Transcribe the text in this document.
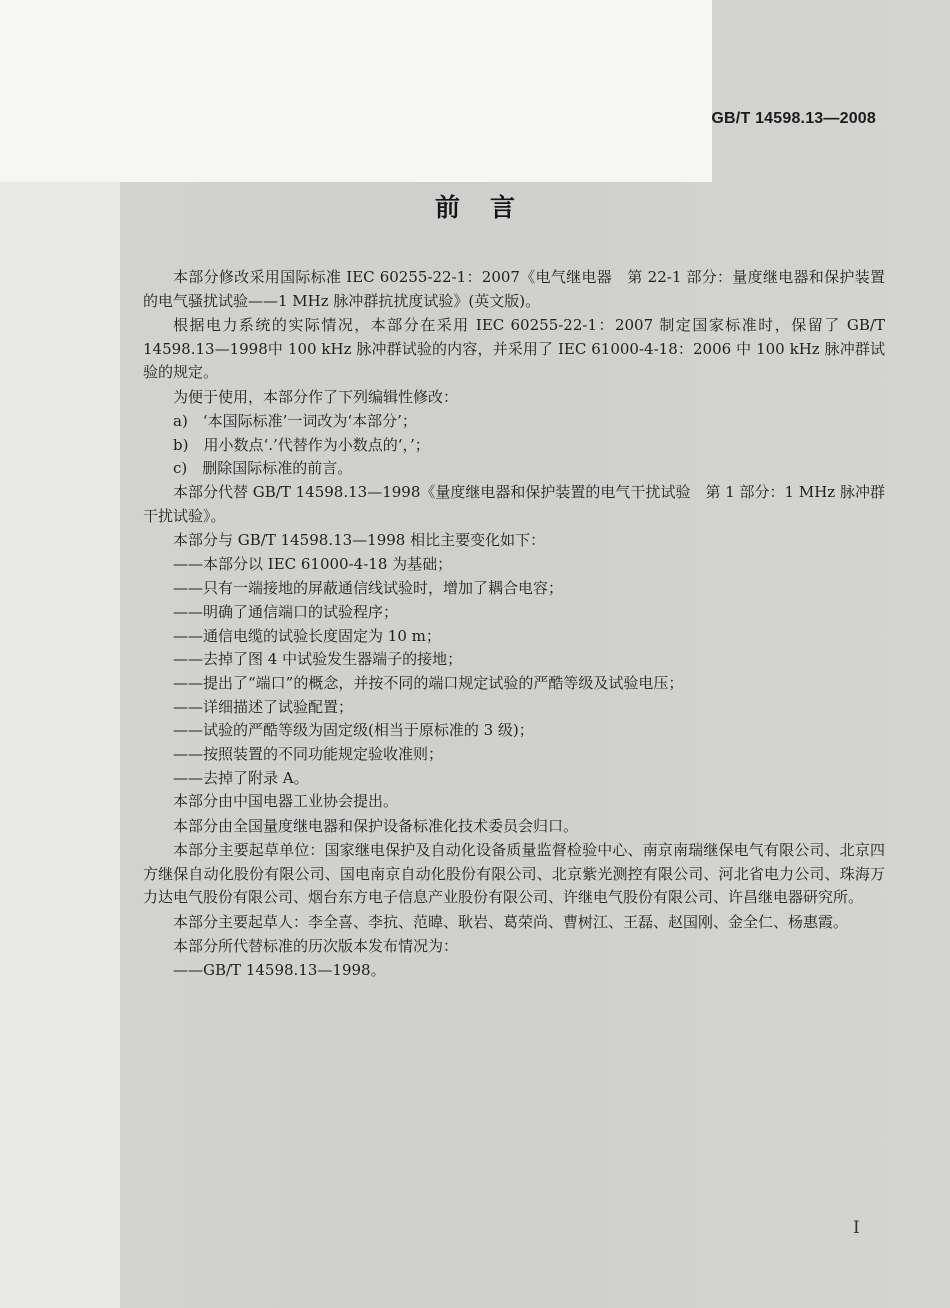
GB/T 14598.13—2008
前言

本部分修改采用国际标准 IEC 60255-22-1：2007《电气继电器　第 22-1 部分：量度继电器和保护装置的电气骚扰试验——1 MHz 脉冲群抗扰度试验》(英文版)。

根据电力系统的实际情况，本部分在采用 IEC 60255-22-1：2007 制定国家标准时，保留了 GB/T 14598.13—1998中 100 kHz 脉冲群试验的内容，并采用了 IEC 61000-4-18：2006 中 100 kHz 脉冲群试验的规定。

为便于使用，本部分作了下列编辑性修改：

a)　‘本国际标准’一词改为‘本部分’；

b)　用小数点‘.’代替作为小数点的‘，’；

c)　删除国际标准的前言。

本部分代替 GB/T 14598.13—1998《量度继电器和保护装置的电气干扰试验　第 1 部分：1 MHz 脉冲群干扰试验》。

本部分与 GB/T 14598.13—1998 相比主要变化如下：

——本部分以 IEC 61000-4-18 为基础；

——只有一端接地的屏蔽通信线试验时，增加了耦合电容；

——明确了通信端口的试验程序；

——通信电缆的试验长度固定为 10 m；

——去掉了图 4 中试验发生器端子的接地；

——提出了“端口”的概念，并按不同的端口规定试验的严酷等级及试验电压；

——详细描述了试验配置；

——试验的严酷等级为固定级(相当于原标准的 3 级)；

——按照装置的不同功能规定验收准则；

——去掉了附录 A。

本部分由中国电器工业协会提出。

本部分由全国量度继电器和保护设备标准化技术委员会归口。

本部分主要起草单位：国家继电保护及自动化设备质量监督检验中心、南京南瑞继保电气有限公司、北京四方继保自动化股份有限公司、国电南京自动化股份有限公司、北京紫光测控有限公司、河北省电力公司、珠海万力达电气股份有限公司、烟台东方电子信息产业股份有限公司、许继电气股份有限公司、许昌继电器研究所。

本部分主要起草人：李全喜、李抗、范暐、耿岩、葛荣尚、曹树江、王磊、赵国刚、金全仁、杨惠霞。

本部分所代替标准的历次版本发布情况为：

——GB/T 14598.13—1998。

I
